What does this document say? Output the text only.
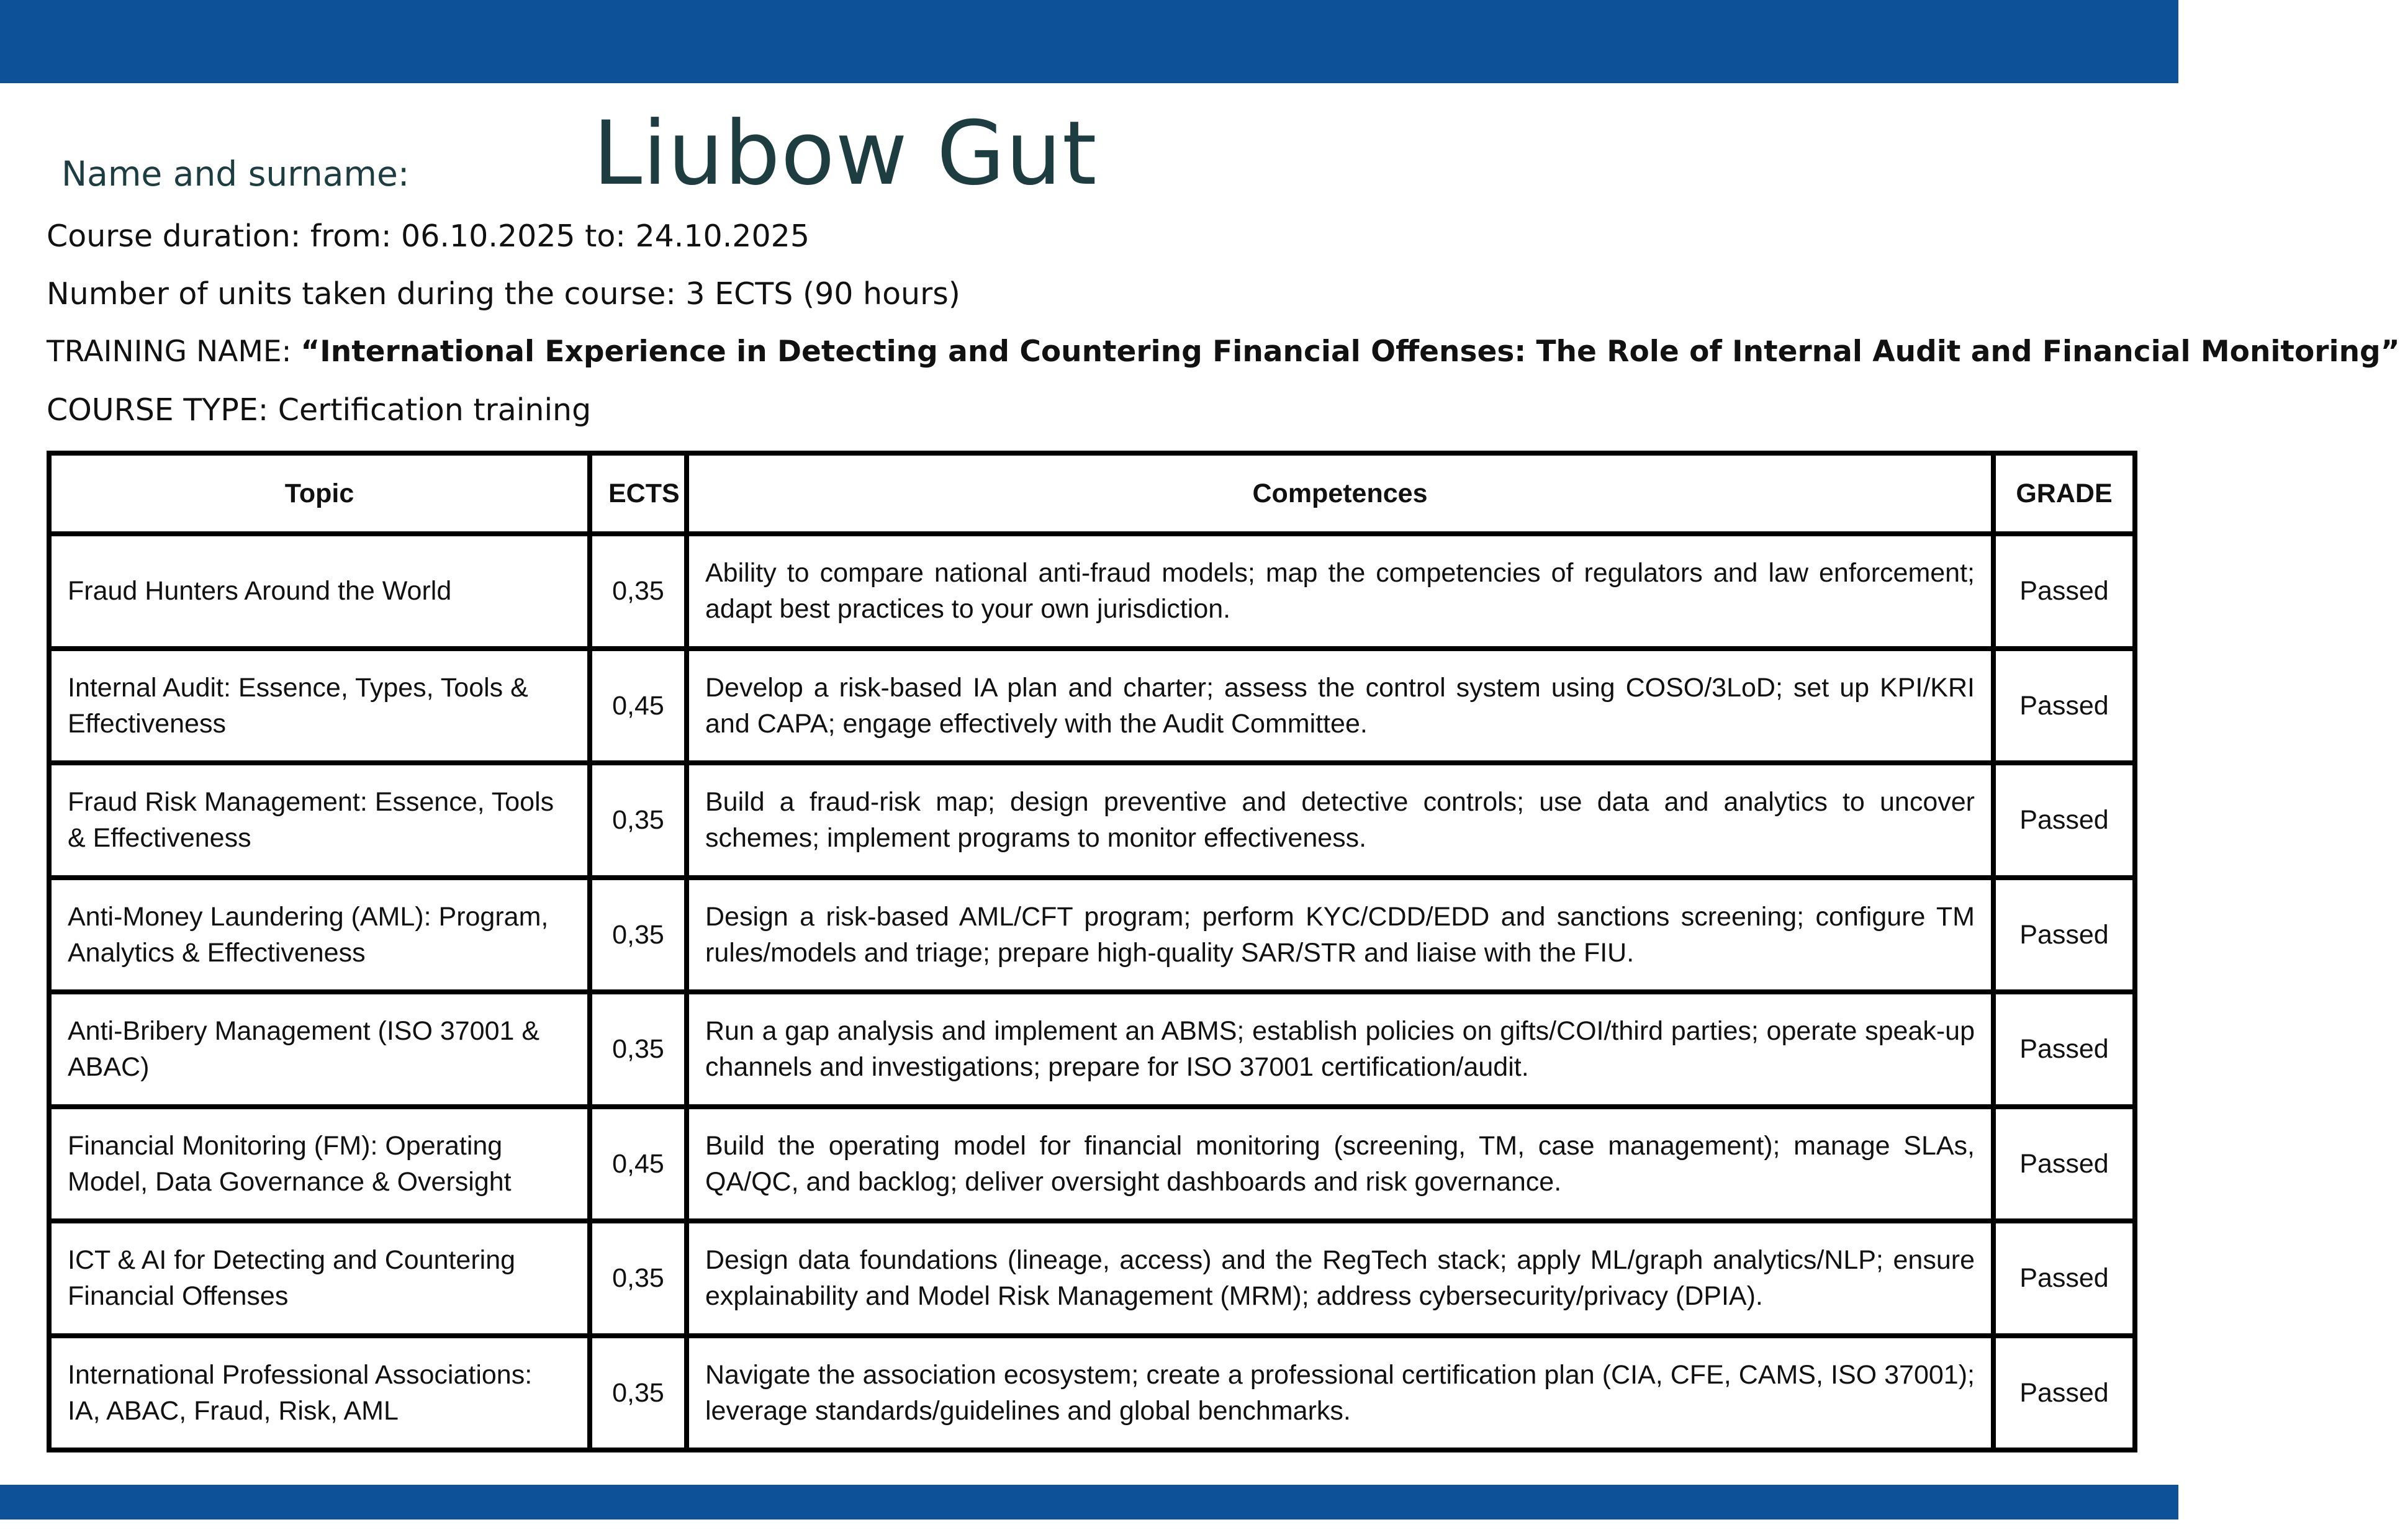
Name and surname: Liubow Gut
Course duration: from: 06.10.2025 to: 24.10.2025
Number of units taken during the course: 3 ECTS (90 hours)
TRAINING NAME: “International Experience in Detecting and Countering Financial Offenses: The Role of Internal Audit and Financial Monitoring”
COURSE TYPE: Certification training
Topic	ECTS	Competences	GRADE
Fraud Hunters Around the World	0,35	Ability to compare national anti-fraud models; map the competencies of regulators and law enforcement; adapt best practices to your own jurisdiction.	Passed
Internal Audit: Essence, Types, Tools & Effectiveness	0,45	Develop a risk-based IA plan and charter; assess the control system using COSO/3LoD; set up KPI/KRI and CAPA; engage effectively with the Audit Committee.	Passed
Fraud Risk Management: Essence, Tools & Effectiveness	0,35	Build a fraud-risk map; design preventive and detective controls; use data and analytics to uncover schemes; implement programs to monitor effectiveness.	Passed
Anti-Money Laundering (AML): Program, Analytics & Effectiveness	0,35	Design a risk-based AML/CFT program; perform KYC/CDD/EDD and sanctions screening; configure TM rules/models and triage; prepare high-quality SAR/STR and liaise with the FIU.	Passed
Anti-Bribery Management (ISO 37001 & ABAC)	0,35	Run a gap analysis and implement an ABMS; establish policies on gifts/COI/third parties; operate speak-up channels and investigations; prepare for ISO 37001 certification/audit.	Passed
Financial Monitoring (FM): Operating Model, Data Governance & Oversight	0,45	Build the operating model for financial monitoring (screening, TM, case management); manage SLAs, QA/QC, and backlog; deliver oversight dashboards and risk governance.	Passed
ICT & AI for Detecting and Countering Financial Offenses	0,35	Design data foundations (lineage, access) and the RegTech stack; apply ML/graph analytics/NLP; ensure explainability and Model Risk Management (MRM); address cybersecurity/privacy (DPIA).	Passed
International Professional Associations: IA, ABAC, Fraud, Risk, AML	0,35	Navigate the association ecosystem; create a professional certification plan (CIA, CFE, CAMS, ISO 37001); leverage standards/guidelines and global benchmarks.	Passed
